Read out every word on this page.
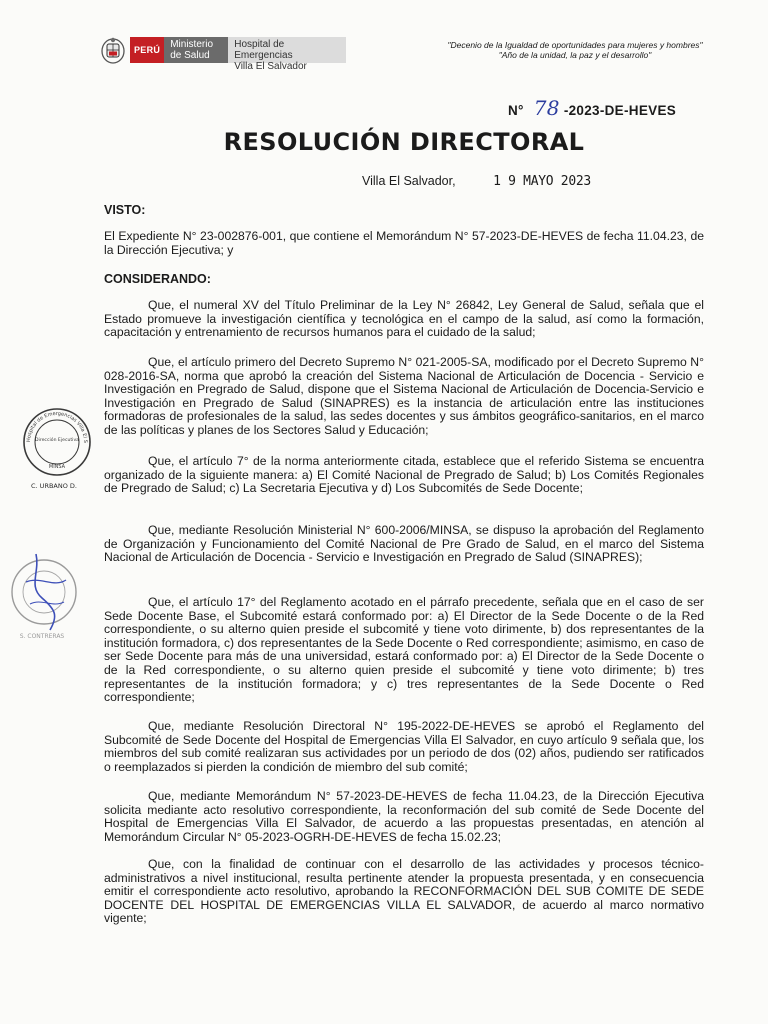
PERÚ	Ministerio
de Salud
Hospital de Emergencias
Villa El Salvador
"Decenio de la Igualdad de oportunidades para mujeres y hombres"
"Año de la unidad, la paz y el desarrollo"
N° 78 -2023-DE-HEVES
RESOLUCIÓN DIRECTORAL
Villa El Salvador,	1 9 MAYO 2023
VISTO:

El Expediente N° 23-002876-001, que contiene el Memorándum N° 57-2023-DE-HEVES de fecha 11.04.23, de la Dirección Ejecutiva; y

CONSIDERANDO:

Que, el numeral XV del Título Preliminar de la Ley N° 26842, Ley General de Salud, señala que el Estado promueve la investigación científica y tecnológica en el campo de la salud, así como la formación, capacitación y entrenamiento de recursos humanos para el cuidado de la salud;

Que, el artículo primero del Decreto Supremo N° 021-2005-SA, modificado por el Decreto Supremo N° 028-2016-SA, norma que aprobó la creación del Sistema Nacional de Articulación de Docencia - Servicio e Investigación en Pregrado de Salud, dispone que el Sistema Nacional de Articulación de Docencia-Servicio e Investigación en Pregrado de Salud (SINAPRES) es la instancia de articulación entre las instituciones formadoras de profesionales de la salud, las sedes docentes y sus ámbitos geográfico-sanitarios, en el marco de las políticas y planes de los Sectores Salud y Educación;

Que, el artículo 7° de la norma anteriormente citada, establece que el referido Sistema se encuentra organizado de la siguiente manera: a) El Comité Nacional de Pregrado de Salud; b) Los Comités Regionales de Pregrado de Salud; c) La Secretaria Ejecutiva y d) Los Subcomités de Sede Docente;

Que, mediante Resolución Ministerial N° 600-2006/MINSA, se dispuso la aprobación del Reglamento de Organización y Funcionamiento del Comité Nacional de Pre Grado de Salud, en el marco del Sistema Nacional de Articulación de Docencia - Servicio e Investigación en Pregrado de Salud (SINAPRES);

Que, el artículo 17° del Reglamento acotado en el párrafo precedente, señala que en el caso de ser Sede Docente Base, el Subcomité estará conformado por: a) El Director de la Sede Docente o de la Red correspondiente, o su alterno quien preside el subcomité y tiene voto dirimente, b) dos representantes de la institución formadora, c) dos representantes de la Sede Docente o Red correspondiente; asimismo, en caso de ser Sede Docente para más de una universidad, estará conformado por: a) El Director de la Sede Docente o de la Red correspondiente, o su alterno quien preside el subcomité y tiene voto dirimente; b) tres representantes de la institución formadora; y c) tres representantes de la Sede Docente o Red correspondiente;

Que, mediante Resolución Directoral N° 195-2022-DE-HEVES se aprobó el Reglamento del Subcomité de Sede Docente del Hospital de Emergencias Villa El Salvador, en cuyo artículo 9 señala que, los miembros del sub comité realizaran sus actividades por un periodo de dos (02) años, pudiendo ser ratificados o reemplazados si pierden la condición de miembro del sub comité;

Que, mediante Memorándum N° 57-2023-DE-HEVES de fecha 11.04.23, de la Dirección Ejecutiva solicita mediante acto resolutivo correspondiente, la reconformación del sub comité de Sede Docente del Hospital de Emergencias Villa El Salvador, de acuerdo a las propuestas presentadas, en atención al Memorándum Circular N° 05-2023-OGRH-DE-HEVES de fecha 15.02.23;

Que, con la finalidad de continuar con el desarrollo de las actividades y procesos técnico-administrativos a nivel institucional, resulta pertinente atender la propuesta presentada, y en consecuencia emitir el correspondiente acto resolutivo, aprobando la RECONFORMACIÓN DEL SUB COMITE DE SEDE DOCENTE DEL HOSPITAL DE EMERGENCIAS VILLA EL SALVADOR, de acuerdo al marco normativo vigente;

Hospital de Emergencias Villa El S
Dirección Ejecutiva
MINSA
C. URBANO D.
S. CONTRERAS
